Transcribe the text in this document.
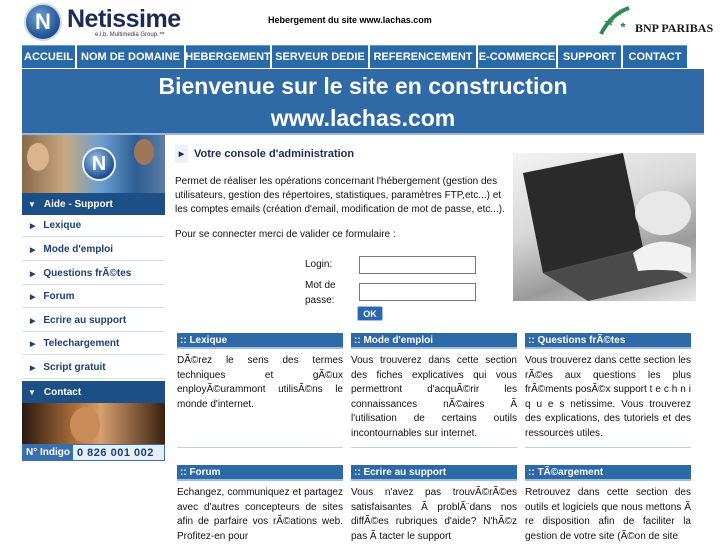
N Netissime
e.l.b. Multimedia Group.™
Hebergement du site www.lachas.com
BNP PARIBAS
ACCUEIL NOM DE DOMAINE HEBERGEMENT SERVEUR DEDIE REFERENCEMENT E-COMMERCE SUPPORT	CONTACT
Bienvenue sur le site en construction
www.lachas.com
N
▼ Aide - Support
▶ Lexique
▶ Mode d'emploi
▶ Questions frÃ©tes
▶ Forum
▶ Ecrire au support
▶ Telechargement
▶ Script gratuit
▼ Contact
N° Indigo 0 826 001 002
▶ Votre console d'administration
Permet de réaliser les opérations concernant l'hébergement (gestion des utilisateurs, gestion des répertoires, statistiques, paramètres FTP,etc...) et les comptes emails (création d'email, modification de mot de passe, etc...).
Pour se connecter merci de valider ce formulaire :
Login:
Mot de passe:
OK
:: Lexique
DÃ©rez le sens des termes techniques et gÃ©ux enployÃ©urammont utilisÃ©ns le monde d'internet.
:: Mode d'emploi
Vous trouverez dans cette section des fiches explicatives qui vous permettront d'acquÃ©rir les connaissances nÃ©aires Ã l'utilisation de certains outils incontournables sur internet.
:: Questions frÃ©tes
Vous trouverez dans cette section les rÃ©es aux questions les plus frÃ©ments posÃ©x support t e c h n i q u e s netissime. Vous trouverez des explications, des tutoriels et des ressources utiles.
:: Forum
Echangez, communiquez et partagez avec d'autres concepteurs de sites afin de parfaire vos rÃ©ations web. Profitez-en pour
:: Ecrire au support
Vous n'avez pas trouvÃ©rÃ©es satisfaisantes Ã problÃ¨dans nos diffÃ©es rubriques d'aide? N'hÃ©z pas Ã tacter le support
:: TÃ©argement
Retrouvez dans cette section des outils et logiciels que nous mettons Ã re disposition afin de faciliter la gestion de votre site (Ã©on de site
